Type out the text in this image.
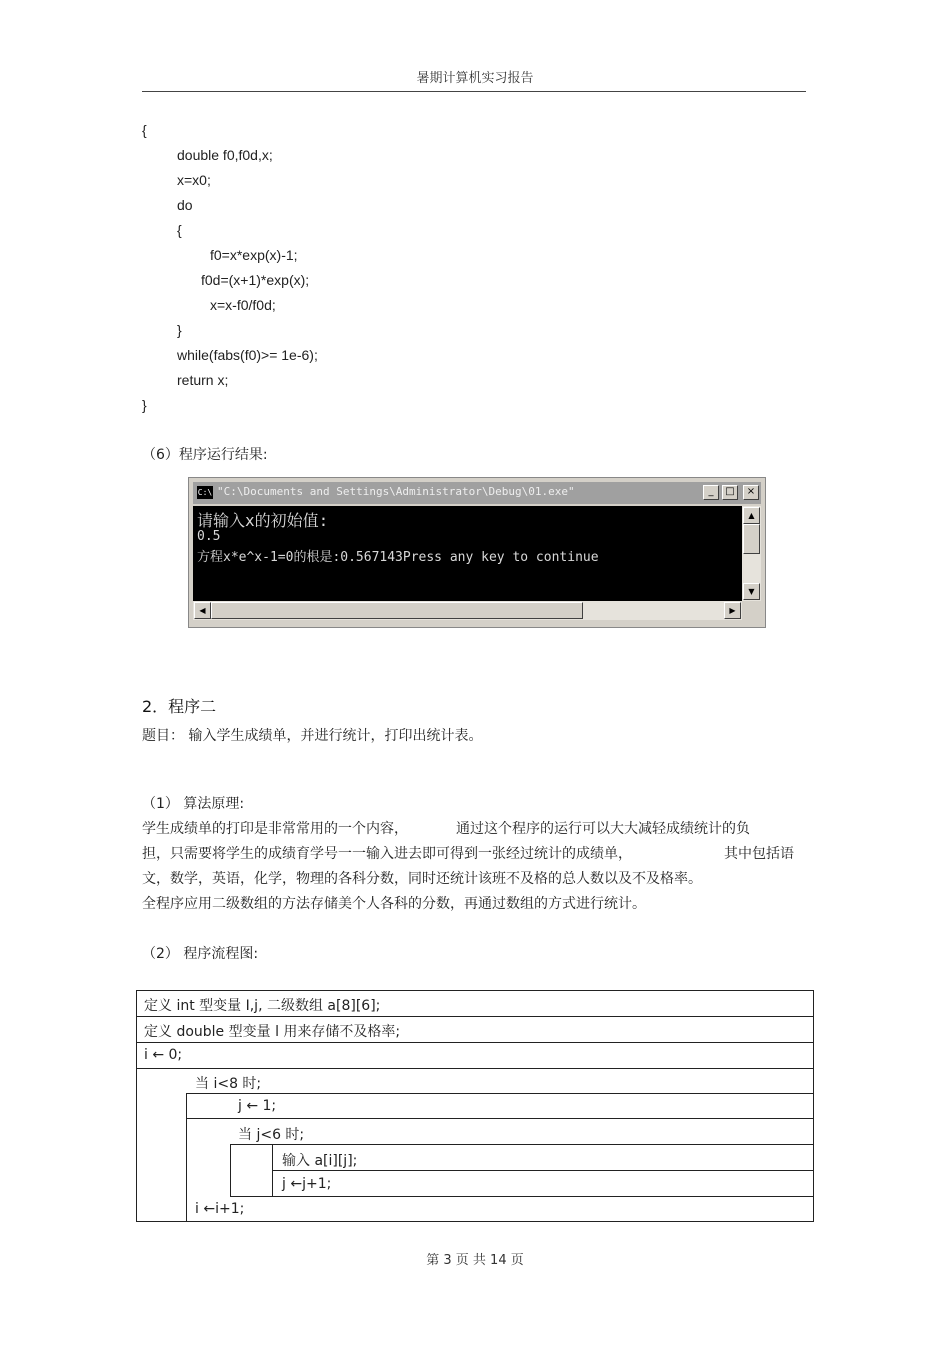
暑期计算机实习报告
{
double f0,f0d,x;
x=x0;
do
{
f0=x*exp(x)-1;
f0d=(x+1)*exp(x);
x=x-f0/f0d;
}
while(fabs(f0)>= 1e-6);
return x;
}
（6）程序运行结果:
C:\ "C:\Documents and Settings\Administrator\Debug\01.exe"	_	□	×
请输入x的初始值:
0.5
方程x*e^x-1=0的根是:0.567143Press any key to continue
▲
▼
◀	▶
2．程序二
题目： 输入学生成绩单，并进行统计，打印出统计表。
（1） 算法原理:
学生成绩单的打印是非常常用的一个内容，	通过这个程序的运行可以大大减轻成绩统计的负
担，只需要将学生的成绩育学号一一输入进去即可得到一张经过统计的成绩单，	其中包括语
文，数学，英语，化学，物理的各科分数，同时还统计该班不及格的总人数以及不及格率。
全程序应用二级数组的方法存储美个人各科的分数，再通过数组的方式进行统计。
（2） 程序流程图:
定义 int 型变量 I,j, 二级数组 a[8][6];
定义 double 型变量 l 用来存储不及格率;
i ← 0;
当 i<8 时;
j ← 1;
当 j<6 时;
输入 a[i][j];
j ←j+1;
i ←i+1;
第 3 页 共 14 页
